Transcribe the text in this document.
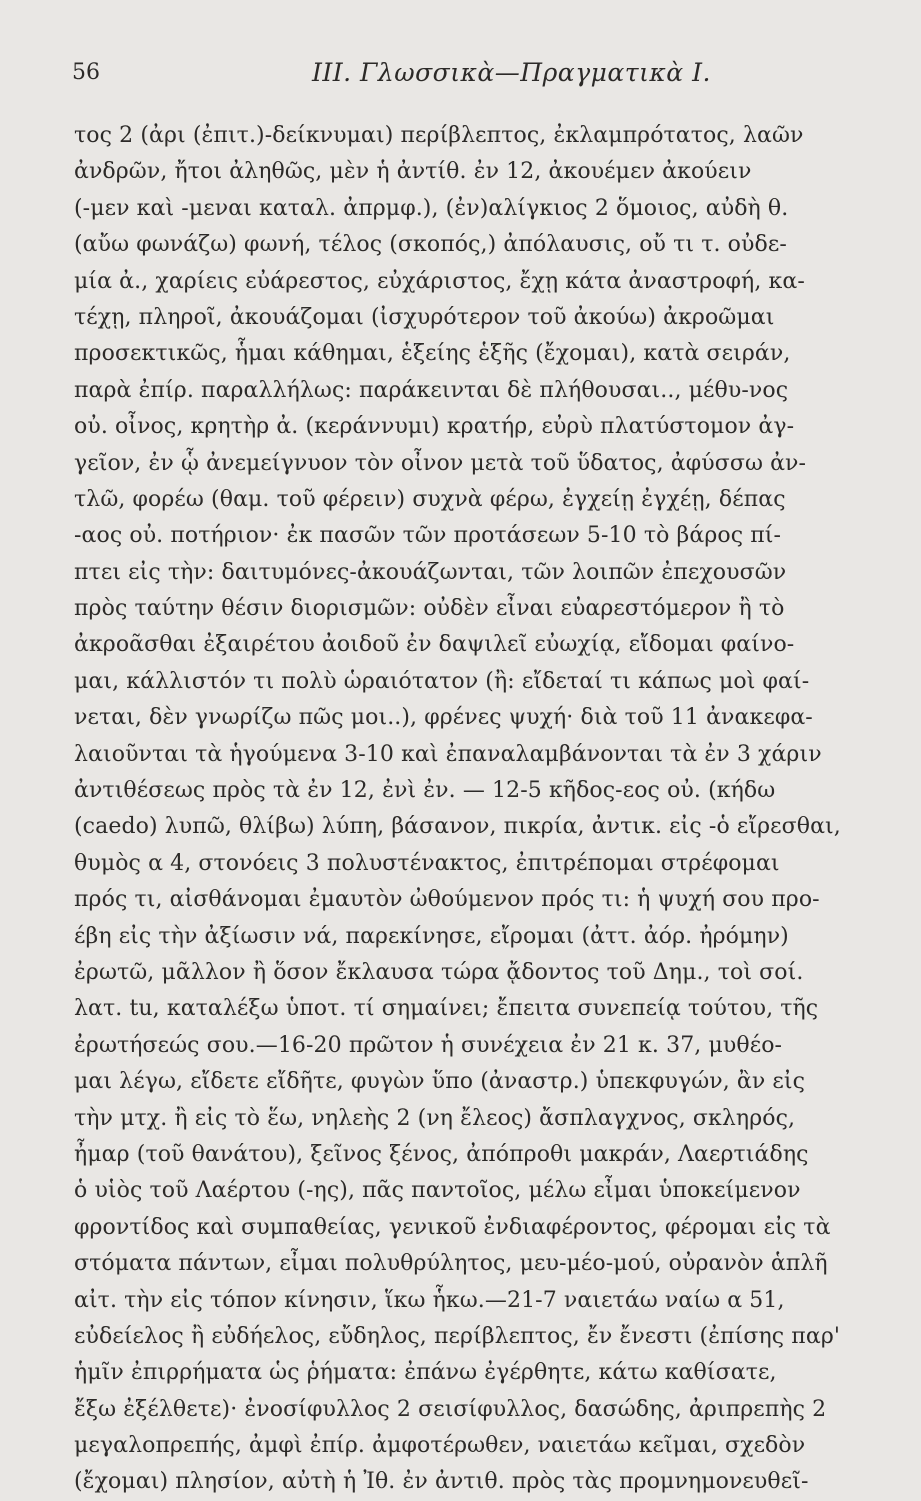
56	III. Γλωσσικὰ—Πραγματικὰ Ι.
τος 2 (ἀρι (ἐπιτ.)-δείκνυμαι) περίβλεπτος, ἐκλαμπρότατος, λαῶν
ἀνδρῶν, ἤτοι ἀληθῶς, μὲν ἡ ἀντίθ. ἐν 12, ἀκουέμεν ἀκούειν
(-μεν καὶ -μεναι καταλ. ἀπρμφ.), (ἐν)αλίγκιος 2 ὅμοιος, αὐδὴ θ.
(αὔω φωνάζω) φωνή, τέλος (σκοπός,) ἀπόλαυσις, οὔ τι τ. οὐδε-
μία ἀ., χαρίεις εὐάρεστος, εὐχάριστος, ἔχῃ κάτα ἀναστροφή, κα-
τέχῃ, πληροῖ, ἀκουάζομαι (ἰσχυρότερον τοῦ ἀκούω) ἀκροῶμαι
προσεκτικῶς, ἧμαι κάθημαι, ἑξείης ἑξῆς (ἔχομαι), κατὰ σειράν,
παρὰ ἐπίρ. παραλλήλως: παράκεινται δὲ πλήθουσαι.., μέθυ-νος
οὐ. οἶνος, κρητὴρ ἀ. (κεράννυμι) κρατήρ, εὐρὺ πλατύστομον ἀγ-
γεῖον, ἐν ᾧ ἀνεμείγνυον τὸν οἶνον μετὰ τοῦ ὕδατος, ἀφύσσω ἀν-
τλῶ, φορέω (θαμ. τοῦ φέρειν) συχνὰ φέρω, ἐγχείῃ ἐγχέῃ, δέπας
-αος οὐ. ποτήριον· ἐκ πασῶν τῶν προτάσεων 5-10 τὸ βάρος πί-
πτει εἰς τὴν: δαιτυμόνες-ἀκουάζωνται, τῶν λοιπῶν ἐπεχουσῶν
πρὸς ταύτην θέσιν διορισμῶν: οὐδὲν εἶναι εὐαρεστόμερον ἢ τὸ
ἀκροᾶσθαι ἐξαιρέτου ἀοιδοῦ ἐν δαψιλεῖ εὐωχίᾳ, εἴδομαι φαίνο-
μαι, κάλλιστόν τι πολὺ ὡραιότατον (ἢ: εἴδεταί τι κάπως μοὶ φαί-
νεται, δὲν γνωρίζω πῶς μοι..), φρένες ψυχή· διὰ τοῦ 11 ἀνακεφα-
λαιοῦνται τὰ ἡγούμενα 3-10 καὶ ἐπαναλαμβάνονται τὰ ἐν 3 χάριν
ἀντιθέσεως πρὸς τὰ ἐν 12, ἐνὶ ἐν. — 12-5 κῆδος-εος οὐ. (κήδω
(caedo) λυπῶ, θλίβω) λύπη, βάσανον, πικρία, ἀντικ. εἰς -ὁ εἴρεσθαι,
θυμὸς α 4, στονόεις 3 πολυστένακτος, ἐπιτρέπομαι στρέφομαι
πρός τι, αἰσθάνομαι ἐμαυτὸν ὠθούμενον πρός τι: ἡ ψυχή σου προ-
έβη εἰς τὴν ἀξίωσιν νά, παρεκίνησε, εἴρομαι (ἀττ. ἀόρ. ἠρόμην)
ἐρωτῶ, μᾶλλον ἢ ὅσον ἔκλαυσα τώρα ᾄδοντος τοῦ Δημ., τοὶ σοί.
λατ. tu, καταλέξω ὑποτ. τί σημαίνει; ἔπειτα συνεπείᾳ τούτου, τῆς
ἐρωτήσεώς σου.—16-20 πρῶτον ἡ συνέχεια ἐν 21 κ. 37, μυθέο-
μαι λέγω, εἴδετε εἴδῆτε, φυγὼν ὕπο (ἀναστρ.) ὑπεκφυγών, ἂν εἰς
τὴν μτχ. ἢ εἰς τὸ ἕω, νηλεὴς 2 (νη ἔλεος) ἄσπλαγχνος, σκληρός,
ἦμαρ (τοῦ θανάτου), ξεῖνος ξένος, ἀπόπροθι μακράν, Λαερτιάδης
ὁ υἱὸς τοῦ Λαέρτου (-ης), πᾶς παντοῖος, μέλω εἶμαι ὑποκείμενον
φροντίδος καὶ συμπαθείας, γενικοῦ ἐνδιαφέροντος, φέρομαι εἰς τὰ
στόματα πάντων, εἶμαι πολυθρύλητος, μευ-μέο-μού, οὐρανὸν ἁπλῆ
αἰτ. τὴν εἰς τόπον κίνησιν, ἵκω ἧκω.—21-7 ναιετάω ναίω α 51,
εὐδείελος ἢ εὐδήελος, εὔδηλος, περίβλεπτος, ἔν ἔνεστι (ἐπίσης παρ'
ἡμῖν ἐπιρρήματα ὡς ῥήματα: ἐπάνω ἐγέρθητε, κάτω καθίσατε,
ἔξω ἐξέλθετε)· ἐνοσίφυλλος 2 σεισίφυλλος, δασώδης, ἀριπρεπὴς 2
μεγαλοπρεπής, ἀμφὶ ἐπίρ. ἀμφοτέρωθεν, ναιετάω κεῖμαι, σχεδὸν
(ἔχομαι) πλησίον, αὐτὴ ἡ Ἰθ. ἐν ἀντιθ. πρὸς τὰς προμνημονευθεῖ-
